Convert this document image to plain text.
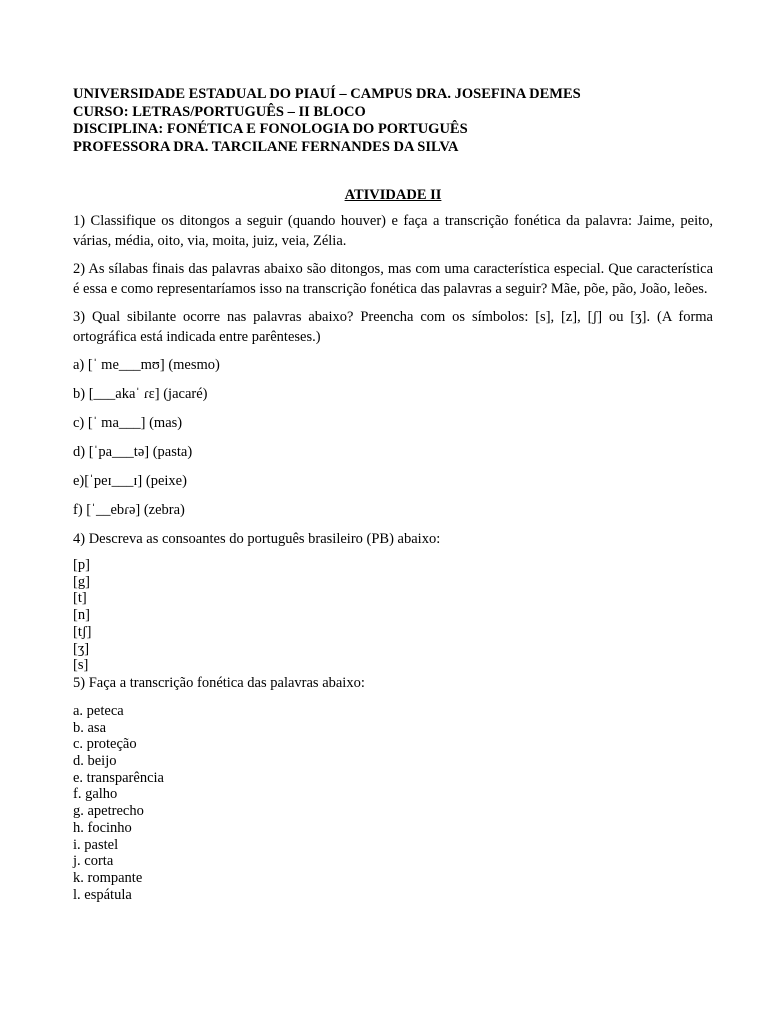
UNIVERSIDADE ESTADUAL DO PIAUÍ – CAMPUS DRA. JOSEFINA DEMES

CURSO: LETRAS/PORTUGUÊS – II BLOCO

DISCIPLINA: FONÉTICA E FONOLOGIA DO PORTUGUÊS

PROFESSORA DRA. TARCILANE FERNANDES DA SILVA

ATIVIDADE II

1) Classifique os ditongos a seguir (quando houver) e faça a transcrição fonética da palavra: Jaime, peito, várias, média, oito, via, moita, juiz, veia, Zélia.

2) As sílabas finais das palavras abaixo são ditongos, mas com uma característica especial. Que característica é essa e como representaríamos isso na transcrição fonética das palavras a seguir? Mãe, põe, pão, João, leões.

3) Qual sibilante ocorre nas palavras abaixo? Preencha com os símbolos: [s], [z], [ʃ] ou [ʒ]. (A forma ortográfica está indicada entre parênteses.)

a) [ˈ me___mʊ] (mesmo)

b) [___akaˈ ɾɛ] (jacaré)

c) [ˈ ma___] (mas)

d) [ˈpa___tə] (pasta)

e)[ˈpeɪ___ɪ] (peixe)

f) [ˈ__ebɾə] (zebra)

4) Descreva as consoantes do português brasileiro (PB) abaixo:

[p]

[g]

[t]

[n]

[tʃ]

[ʒ]

[s]

5) Faça a transcrição fonética das palavras abaixo:

a. peteca

b. asa

c. proteção

d. beijo

e. transparência

f. galho

g. apetrecho

h. focinho

i. pastel

j. corta

k. rompante

l. espátula
